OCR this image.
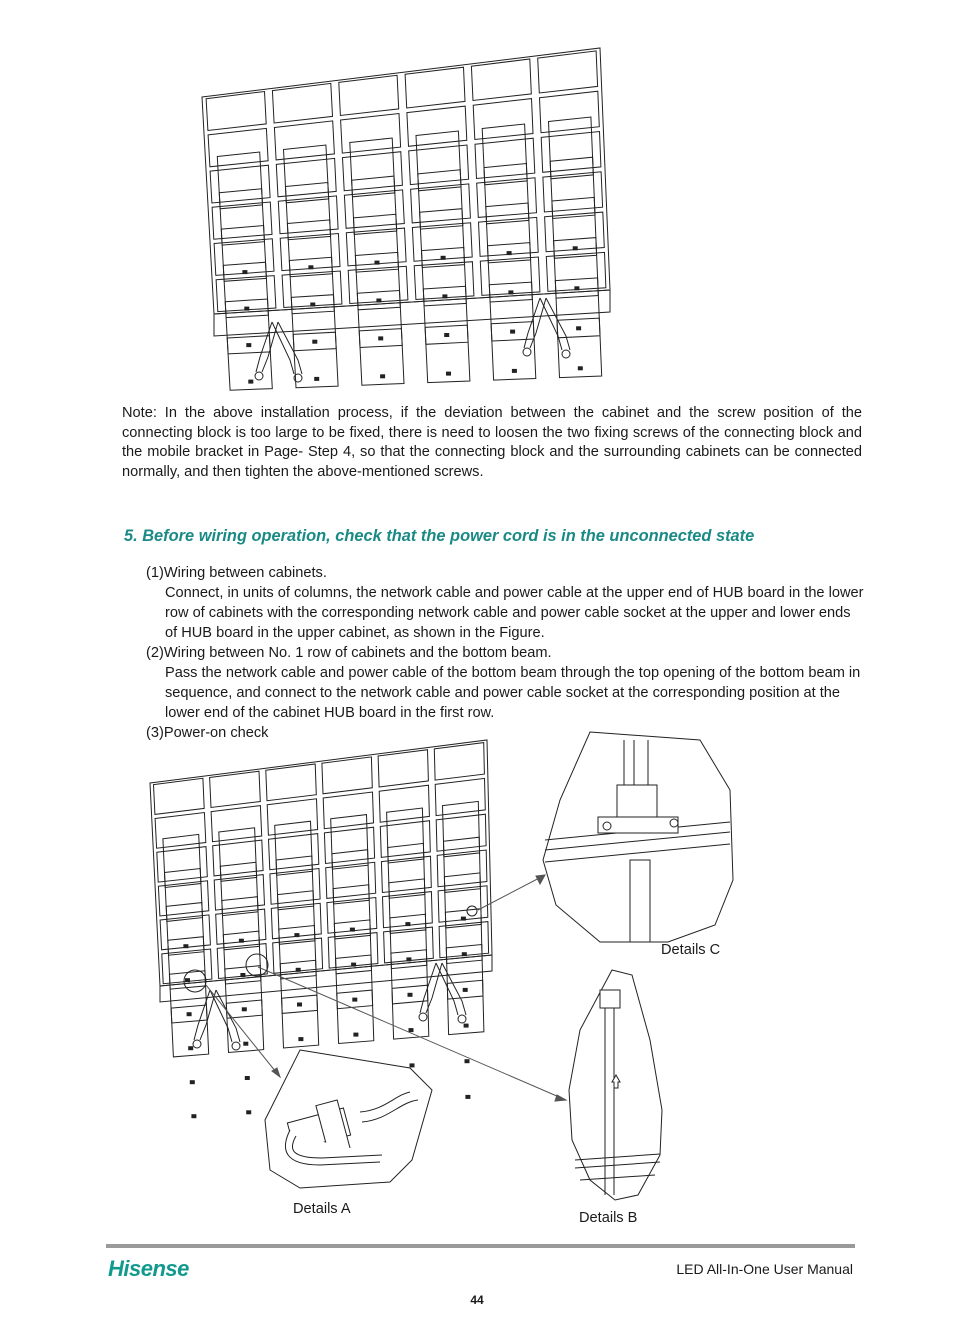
Note: In the above installation process, if the deviation between the cabinet and the screw position of the connecting block is too large to be fixed, there is need to loosen the two fixing screws of the connecting block and the mobile bracket in Page- Step 4, so that the connecting block and the surrounding cabinets can be connected normally, and then tighten the above-mentioned screws.

5. Before wiring operation, check that the power cord is in the unconnected state

(1)Wiring between cabinets.

Connect, in units of columns, the network cable and power cable at the upper end of HUB board in the lower row of cabinets with the corresponding network cable and power cable socket at the upper and lower ends of HUB board in the upper cabinet, as shown in the Figure.

(2)Wiring between No. 1 row of cabinets and the bottom beam.

Pass the network cable and power cable of the bottom beam through the top opening of the bottom beam in sequence, and connect to the network cable and power cable socket at the corresponding position at the lower end of the cabinet HUB board in the first row.

(3)Power-on check

Details C
Details B
Details A
Hisense	LED All-In-One User Manual
44
